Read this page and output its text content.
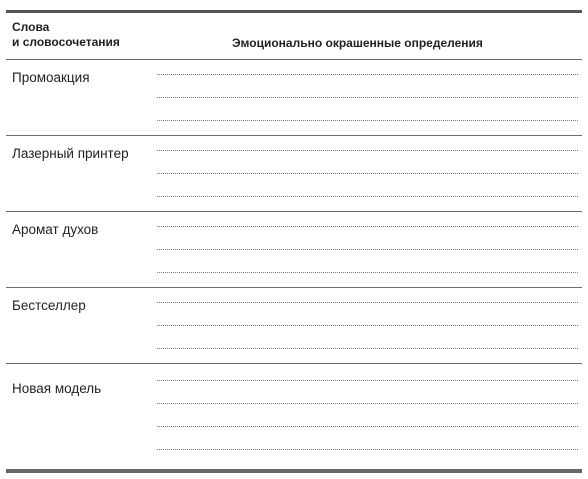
Слова
и словосочетания	Эмоционально окрашенные определения
Промоакция
Лазерный принтер
Аромат духов
Бестселлер
Новая модель
